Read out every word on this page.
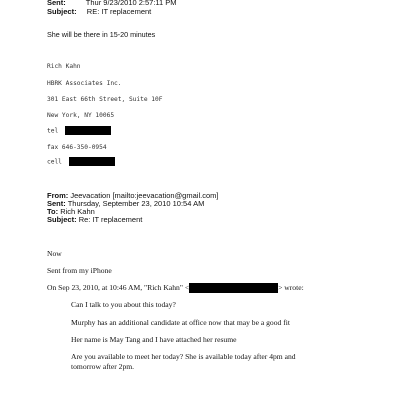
Sent:	Thur 9/23/2010 2:57:11 PM
Subject: RE: IT replacement
She will be there in 15-20 minutes
Rich Kahn
HBRK Associates Inc.
301 East 66th Street, Suite 10F
New York, NY 10065
tel
fax 646-350-0954
cell
From: Jeevacation [mailto:jeevacation@gmail.com]
Sent: Thursday, September 23, 2010 10:54 AM
To: Rich Kahn
Subject: Re: IT replacement
Now
Sent from my iPhone
On Sep 23, 2010, at 10:46 AM, "Rich Kahn" <	> wrote:
Can I talk to you about this today?
Murphy has an additional candidate at office now that may be a good fit
Her name is May Tang and I have attached her resume
Are you available to meet her today? She is available today after 4pm and
tomorrow after 2pm.
